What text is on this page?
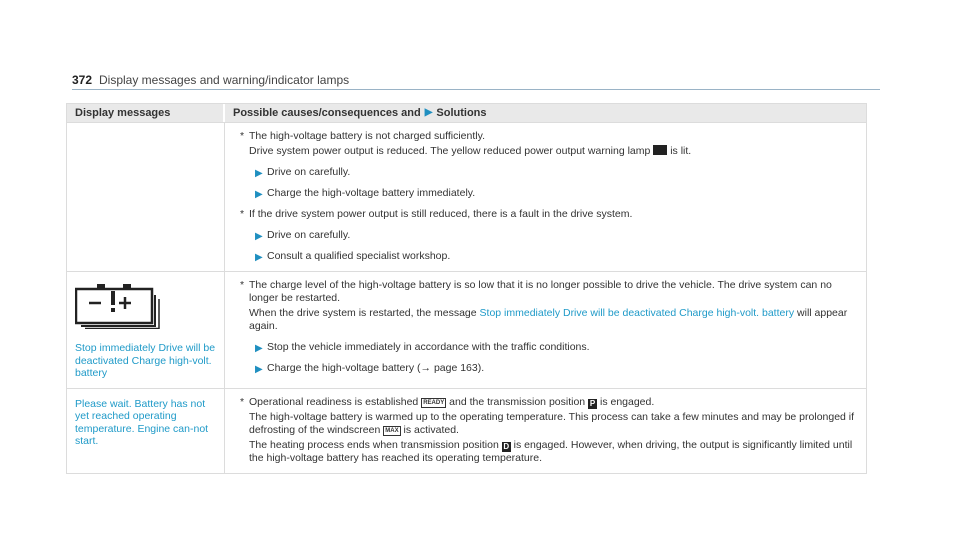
372 Display messages and warning/indicator lamps
Display messages	Possible causes/consequences and ▶ Solutions
* The high-voltage battery is not charged sufficiently.
Drive system power output is reduced. The yellow reduced power output warning lamp is lit.
▶ Drive on carefully.
▶ Charge the high-voltage battery immediately.
* If the drive system power output is still reduced, there is a fault in the drive system.
▶ Drive on carefully.
▶ Consult a qualified specialist workshop.
Stop immediately Drive will be deactivated Charge high-volt. battery
* The charge level of the high-voltage battery is so low that it is no longer possible to drive the vehicle. The drive system can no longer be restarted.
When the drive system is restarted, the message Stop immediately Drive will be deactivated Charge high-volt. battery will appear again.
▶ Stop the vehicle immediately in accordance with the traffic conditions.
▶ Charge the high-voltage battery (→ page 163).
Please wait. Battery has not yet reached operating temperature. Engine can-not start.
* Operational readiness is established READY and the transmission position P is engaged.
The high-voltage battery is warmed up to the operating temperature. This process can take a few minutes and may be prolonged if defrosting of the windscreen MAX is activated.
The heating process ends when transmission position D is engaged. However, when driving, the output is significantly limited until the high-voltage battery has reached its operating temperature.
